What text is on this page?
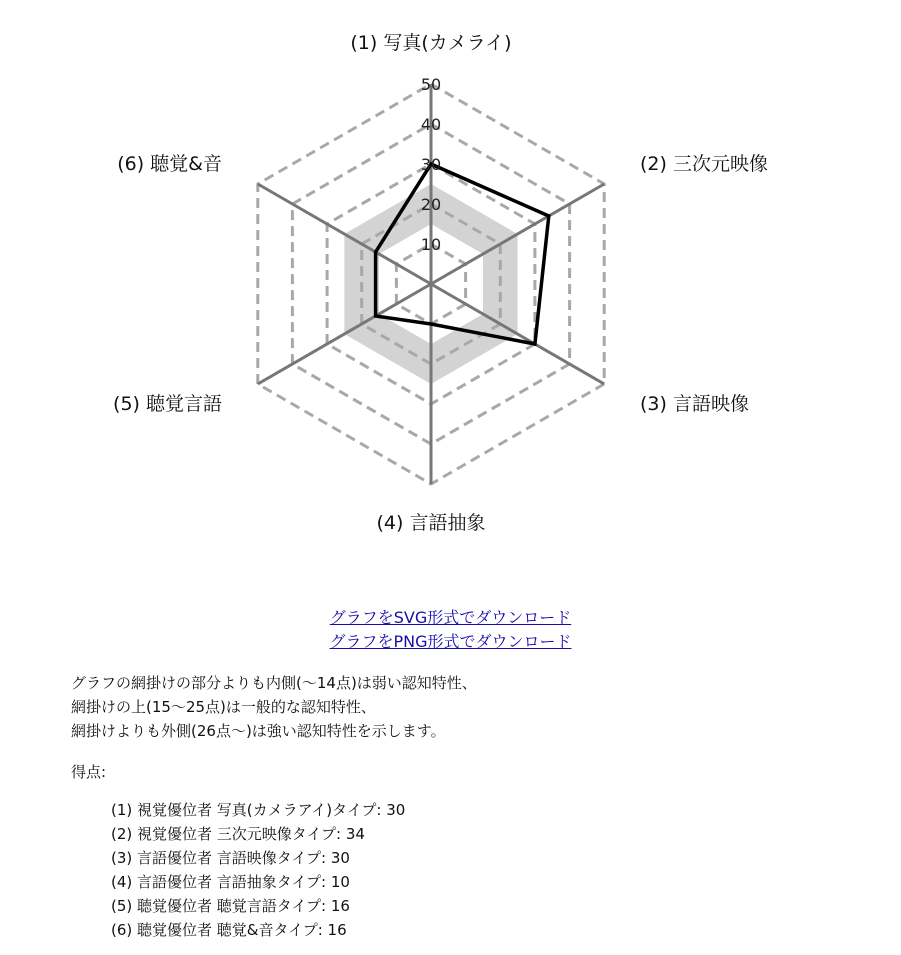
10
20
30
40
50
(1) 写真(カメライ)
(2) 三次元映像
(3) 言語映像
(4) 言語抽象
(5) 聴覚言語
(6) 聴覚&音
グラフをSVG形式でダウンロード
グラフをPNG形式でダウンロード
グラフの網掛けの部分よりも内側(〜14点)は弱い認知特性、
網掛けの上(15〜25点)は一般的な認知特性、
網掛けよりも外側(26点〜)は強い認知特性を示します。
得点:
(1) 視覚優位者 写真(カメラアイ)タイプ: 30
(2) 視覚優位者 三次元映像タイプ: 34
(3) 言語優位者 言語映像タイプ: 30
(4) 言語優位者 言語抽象タイプ: 10
(5) 聴覚優位者 聴覚言語タイプ: 16
(6) 聴覚優位者 聴覚&音タイプ: 16
